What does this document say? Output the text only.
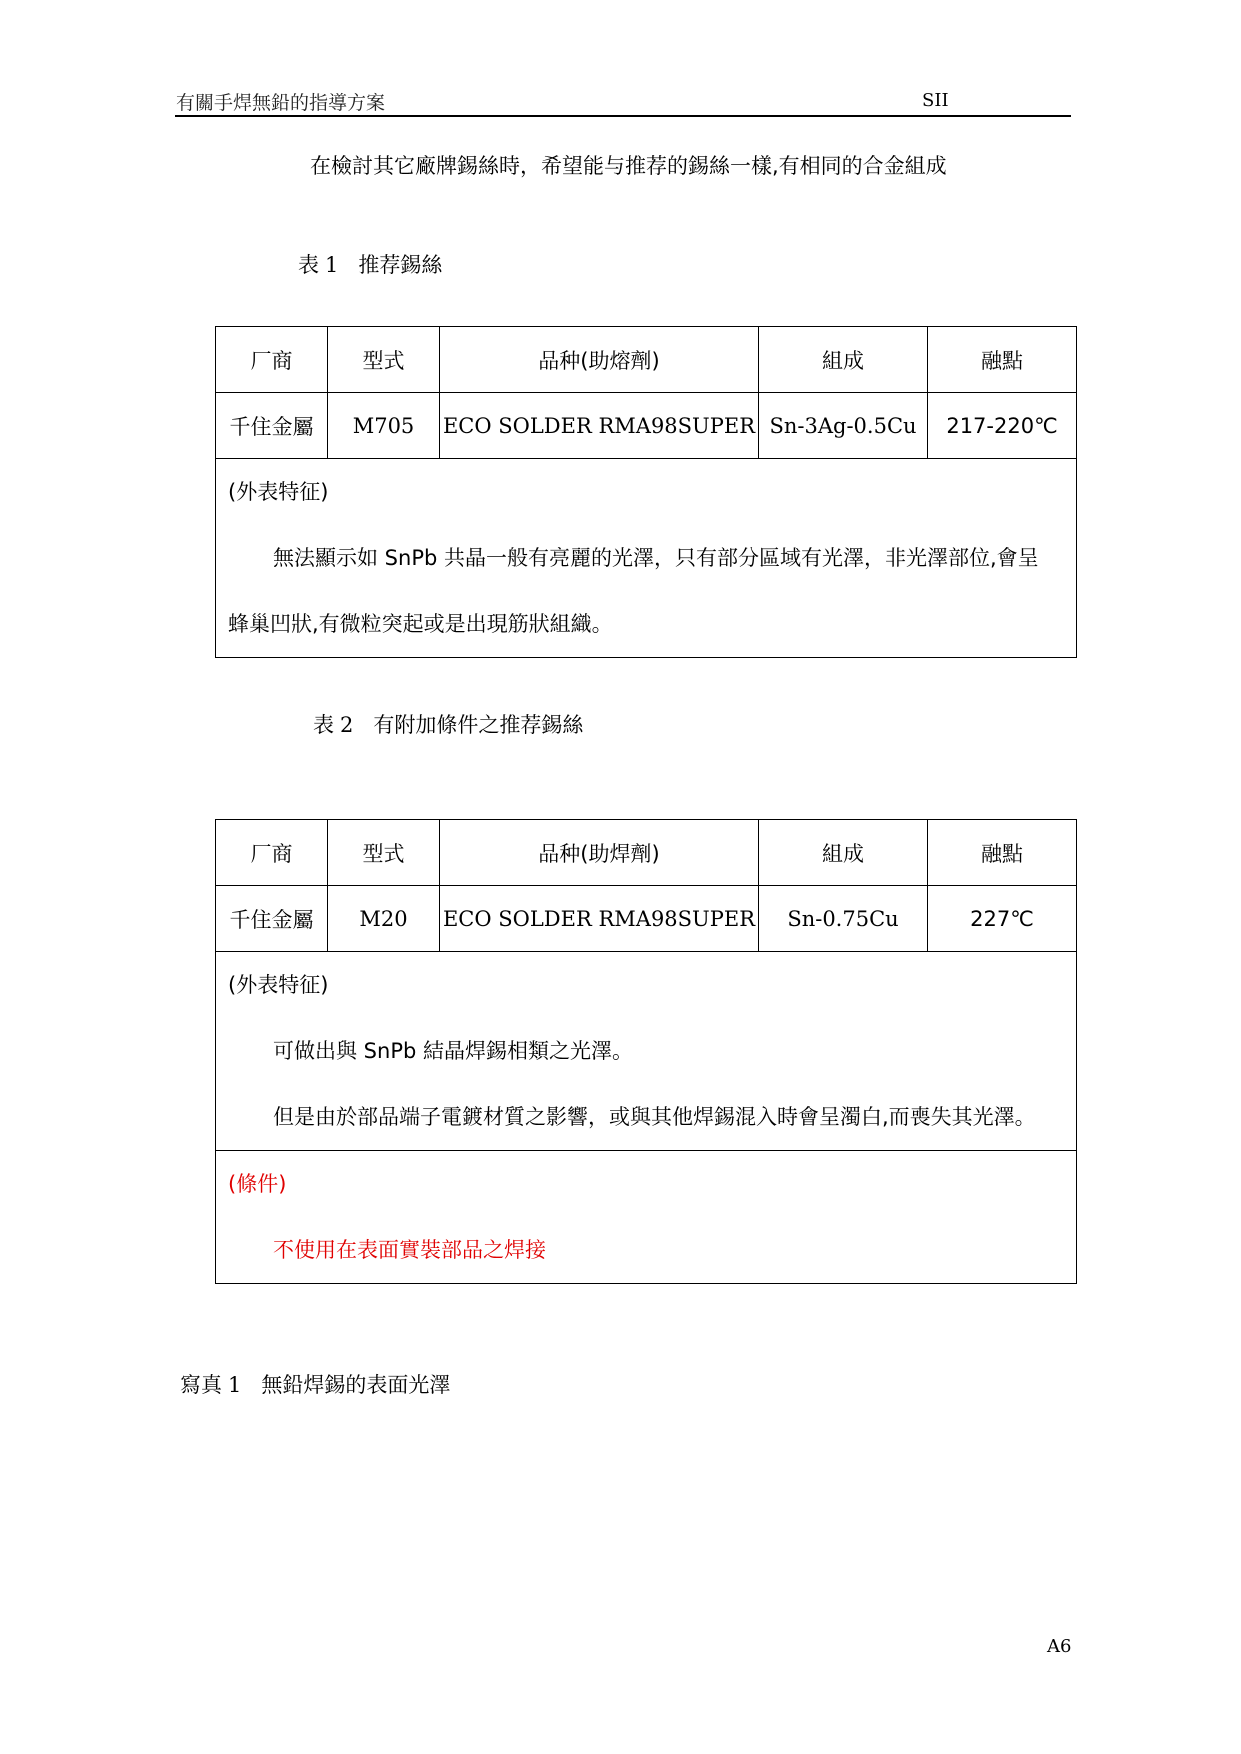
有關手焊無鉛的指導方案	SII
在檢討其它廠牌錫絲時，希望能与推荐的錫絲一樣,有相同的合金組成
表 1 推荐錫絲
厂商	型式	品种(助熔劑)	組成	融點
千住金屬	M705	ECO SOLDER RMA98SUPER	Sn-3Ag-0.5Cu	217-220℃

(外表特征)
無法顯示如 SnPb 共晶一般有亮麗的光澤，只有部分區域有光澤，非光澤部位,會呈
蜂巢凹狀,有微粒突起或是出現筋狀組織。				
表 2 有附加條件之推荐錫絲
厂商	型式	品种(助焊劑)	組成	融點
千住金屬	M20	ECO SOLDER RMA98SUPER	Sn-0.75Cu	227℃

(外表特征)
可做出與 SnPb 結晶焊錫相類之光澤。
但是由於部品端子電鍍材質之影響，或與其他焊錫混入時會呈濁白,而喪失其光澤。				

(條件)
不使用在表面實裝部品之焊接				
寫真 1 無鉛焊錫的表面光澤
A6
